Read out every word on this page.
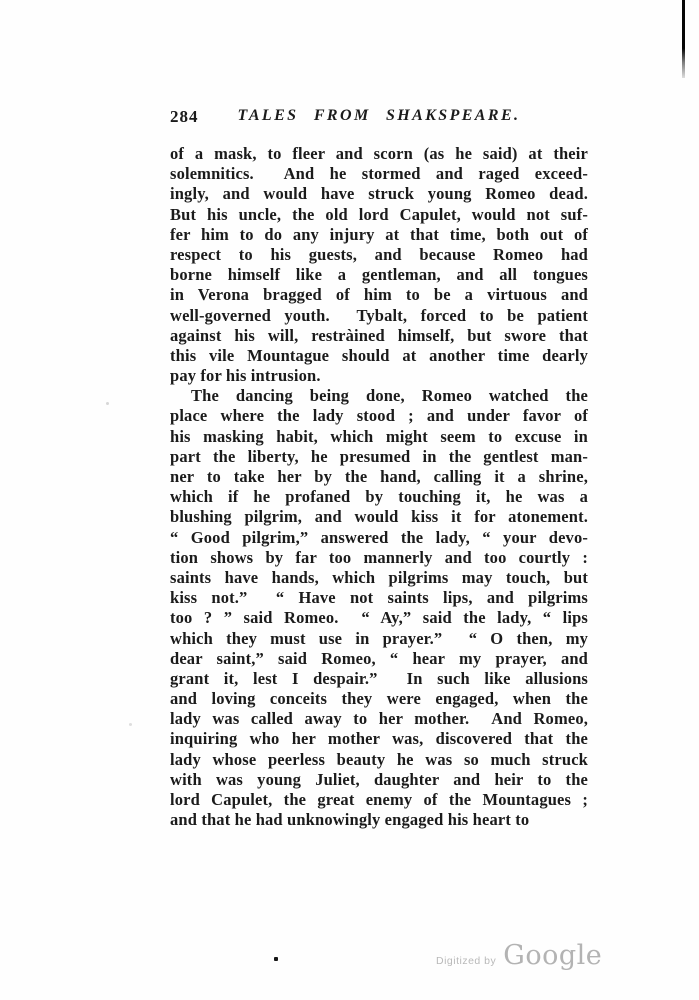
284	TALES FROM SHAKSPEARE.
of a mask, to fleer and scorn (as he said) at their
solemnitics.  And he stormed and raged exceed-
ingly, and would have struck young Romeo dead.
But his uncle, the old lord Capulet, would not suf-
fer him to do any injury at that time, both out of
respect to his guests, and because Romeo had
borne himself like a gentleman, and all tongues
in Verona bragged of him to be a virtuous and
well-governed youth.  Tybalt, forced to be patient
against his will, restràined himself, but swore that
this vile Mountague should at another time dearly
pay for his intrusion.
The dancing being done, Romeo watched the
place where the lady stood ; and under favor of
his masking habit, which might seem to excuse in
part the liberty, he presumed in the gentlest man-
ner to take her by the hand, calling it a shrine,
which if he profaned by touching it, he was a
blushing pilgrim, and would kiss it for atonement.
“ Good pilgrim,” answered the lady, “ your devo-
tion shows by far too mannerly and too courtly :
saints have hands, which pilgrims may touch, but
kiss not.”  “ Have not saints lips, and pilgrims
too ? ” said Romeo.  “ Ay,” said the lady, “ lips
which they must use in prayer.”  “ O then, my
dear saint,” said Romeo, “ hear my prayer, and
grant it, lest I despair.”  In such like allusions
and loving conceits they were engaged, when the
lady was called away to her mother.  And Romeo,
inquiring who her mother was, discovered that the
lady whose peerless beauty he was so much struck
with was young Juliet, daughter and heir to the
lord Capulet, the great enemy of the Mountagues ;
and that he had unknowingly engaged his heart to
Digitized by Google
